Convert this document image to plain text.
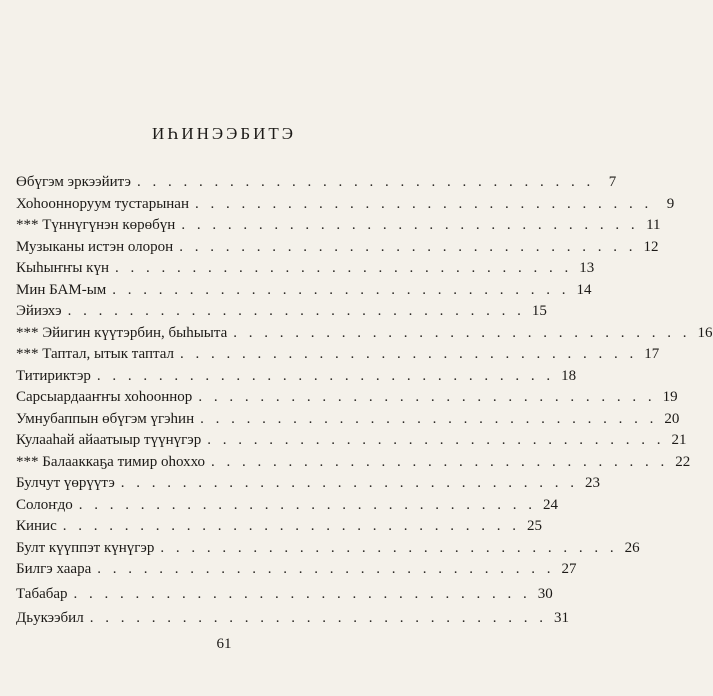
ИҺИНЭЭБИТЭ
Өбүгэм эркээйитэ . . . . . . . . . . . . . . . . . . . . . . . . . . . . . . 7
Хоһоонноруум тустарынан . . . . . . . . . . . . . . . . . . . . . . . . . . . . . . 9
*** Түннүгүнэн көрөбүн . . . . . . . . . . . . . . . . . . . . . . . . . . . . . . 11
Музыканы истэн олорон . . . . . . . . . . . . . . . . . . . . . . . . . . . . . . 12
Кыһыҥҥы күн . . . . . . . . . . . . . . . . . . . . . . . . . . . . . . 13
Мин БАМ-ым . . . . . . . . . . . . . . . . . . . . . . . . . . . . . . 14
Эйиэхэ . . . . . . . . . . . . . . . . . . . . . . . . . . . . . . 15
*** Эйигин күүтэрбин, быһыыта . . . . . . . . . . . . . . . . . . . . . . . . . . . . . . 16
*** Таптал, ытык таптал . . . . . . . . . . . . . . . . . . . . . . . . . . . . . . 17
Титириктэр . . . . . . . . . . . . . . . . . . . . . . . . . . . . . . 18
Сарсыардааҥҥы хоһооннор . . . . . . . . . . . . . . . . . . . . . . . . . . . . . . 19
Умнубаппын өбүгэм үгэһин . . . . . . . . . . . . . . . . . . . . . . . . . . . . . . 20
Кулааһай айаатыыр түүнүгэр . . . . . . . . . . . . . . . . . . . . . . . . . . . . . . 21
*** Балааккаҕа тимир оһоххо . . . . . . . . . . . . . . . . . . . . . . . . . . . . . . 22
Булчут үөрүүтэ . . . . . . . . . . . . . . . . . . . . . . . . . . . . . . 23
Солоҥдо . . . . . . . . . . . . . . . . . . . . . . . . . . . . . . 24
Кинис . . . . . . . . . . . . . . . . . . . . . . . . . . . . . . 25
Булт күүппэт күнүгэр . . . . . . . . . . . . . . . . . . . . . . . . . . . . . . 26
Билгэ хаара . . . . . . . . . . . . . . . . . . . . . . . . . . . . . . 27
Табабар . . . . . . . . . . . . . . . . . . . . . . . . . . . . . . 30
Дьукээбил . . . . . . . . . . . . . . . . . . . . . . . . . . . . . . 31
61
